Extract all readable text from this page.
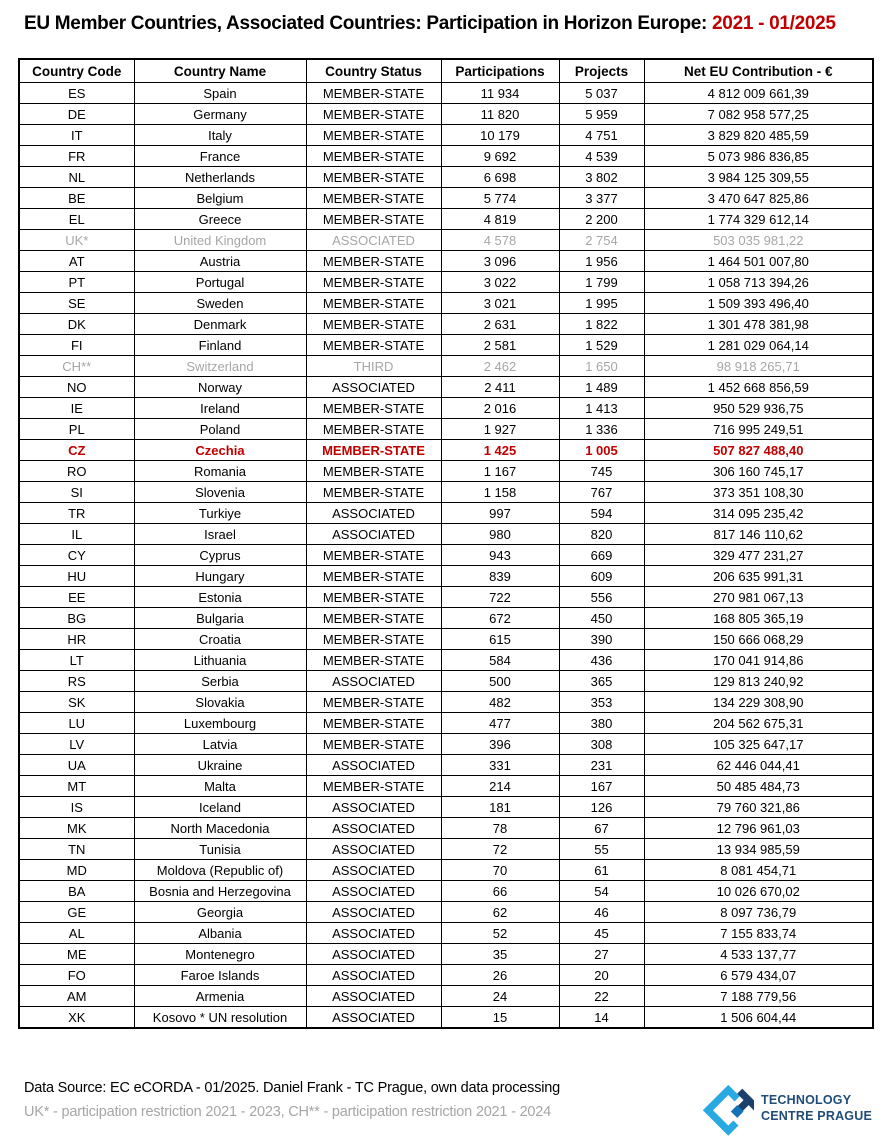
EU Member Countries, Associated Countries: Participation in Horizon Europe: 2021 - 01/2025
Country Code	Country Name	Country Status	Participations	Projects	Net EU Contribution - €
ES	Spain	MEMBER-STATE	11 934	5 037	4 812 009 661,39
DE	Germany	MEMBER-STATE	11 820	5 959	7 082 958 577,25
IT	Italy	MEMBER-STATE	10 179	4 751	3 829 820 485,59
FR	France	MEMBER-STATE	9 692	4 539	5 073 986 836,85
NL	Netherlands	MEMBER-STATE	6 698	3 802	3 984 125 309,55
BE	Belgium	MEMBER-STATE	5 774	3 377	3 470 647 825,86
EL	Greece	MEMBER-STATE	4 819	2 200	1 774 329 612,14
UK*	United Kingdom	ASSOCIATED	4 578	2 754	503 035 981,22
AT	Austria	MEMBER-STATE	3 096	1 956	1 464 501 007,80
PT	Portugal	MEMBER-STATE	3 022	1 799	1 058 713 394,26
SE	Sweden	MEMBER-STATE	3 021	1 995	1 509 393 496,40
DK	Denmark	MEMBER-STATE	2 631	1 822	1 301 478 381,98
FI	Finland	MEMBER-STATE	2 581	1 529	1 281 029 064,14
CH**	Switzerland	THIRD	2 462	1 650	98 918 265,71
NO	Norway	ASSOCIATED	2 411	1 489	1 452 668 856,59
IE	Ireland	MEMBER-STATE	2 016	1 413	950 529 936,75
PL	Poland	MEMBER-STATE	1 927	1 336	716 995 249,51
CZ	Czechia	MEMBER-STATE	1 425	1 005	507 827 488,40
RO	Romania	MEMBER-STATE	1 167	745	306 160 745,17
SI	Slovenia	MEMBER-STATE	1 158	767	373 351 108,30
TR	Turkiye	ASSOCIATED	997	594	314 095 235,42
IL	Israel	ASSOCIATED	980	820	817 146 110,62
CY	Cyprus	MEMBER-STATE	943	669	329 477 231,27
HU	Hungary	MEMBER-STATE	839	609	206 635 991,31
EE	Estonia	MEMBER-STATE	722	556	270 981 067,13
BG	Bulgaria	MEMBER-STATE	672	450	168 805 365,19
HR	Croatia	MEMBER-STATE	615	390	150 666 068,29
LT	Lithuania	MEMBER-STATE	584	436	170 041 914,86
RS	Serbia	ASSOCIATED	500	365	129 813 240,92
SK	Slovakia	MEMBER-STATE	482	353	134 229 308,90
LU	Luxembourg	MEMBER-STATE	477	380	204 562 675,31
LV	Latvia	MEMBER-STATE	396	308	105 325 647,17
UA	Ukraine	ASSOCIATED	331	231	62 446 044,41
MT	Malta	MEMBER-STATE	214	167	50 485 484,73
IS	Iceland	ASSOCIATED	181	126	79 760 321,86
MK	North Macedonia	ASSOCIATED	78	67	12 796 961,03
TN	Tunisia	ASSOCIATED	72	55	13 934 985,59
MD	Moldova (Republic of)	ASSOCIATED	70	61	8 081 454,71
BA	Bosnia and Herzegovina	ASSOCIATED	66	54	10 026 670,02
GE	Georgia	ASSOCIATED	62	46	8 097 736,79
AL	Albania	ASSOCIATED	52	45	7 155 833,74
ME	Montenegro	ASSOCIATED	35	27	4 533 137,77
FO	Faroe Islands	ASSOCIATED	26	20	6 579 434,07
AM	Armenia	ASSOCIATED	24	22	7 188 779,56
XK	Kosovo * UN resolution	ASSOCIATED	15	14	1 506 604,44
Data Source: EC eCORDA - 01/2025. Daniel Frank - TC Prague, own data processing
UK* - participation restriction 2021 - 2023, CH** - participation restriction 2021 - 2024
TECHNOLOGY
CENTRE PRAGUE
